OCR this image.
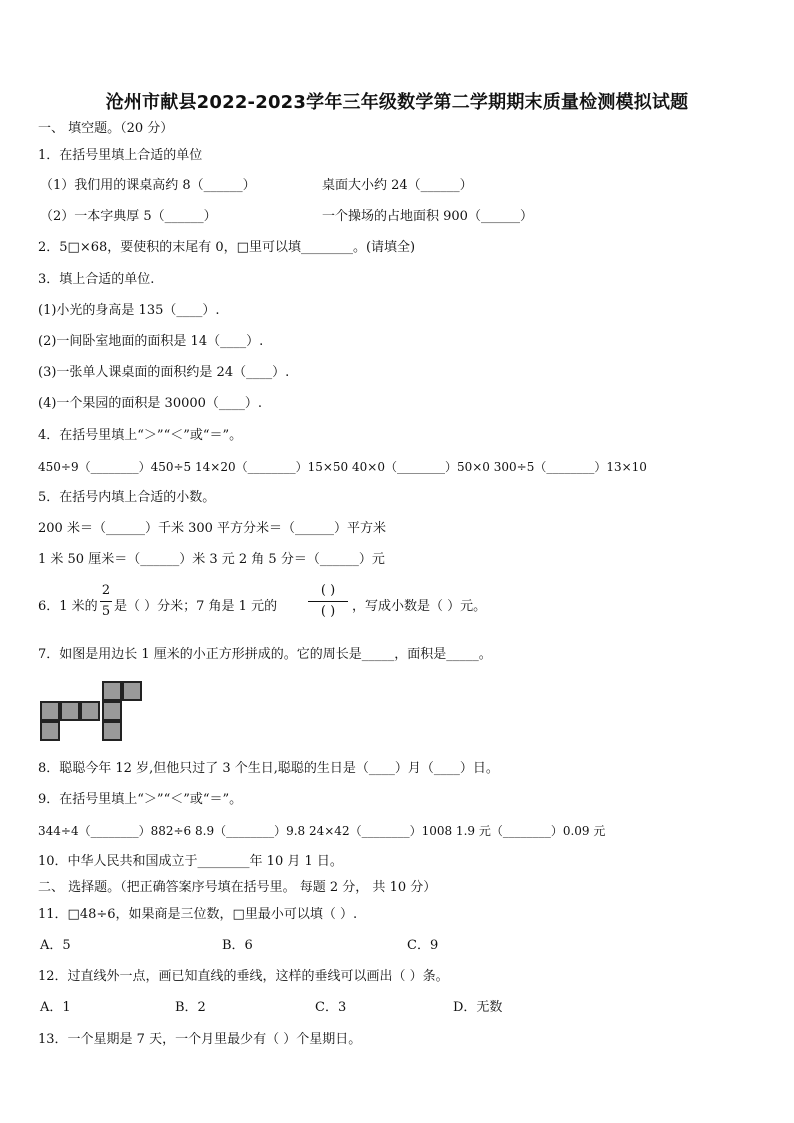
沧州市献县2022-2023学年三年级数学第二学期期末质量检测模拟试题
一、 填空题。（20 分）
1．在括号里填上合适的单位
（1）我们用的课桌高约 8（______）	桌面大小约 24（______）
（2）一本字典厚 5（______）	一个操场的占地面积 900（______）
2．5□×68，要使积的末尾有 0，□里可以填________。(请填全)
3．填上合适的单位.
(1)小光的身高是 135（____）.
(2)一间卧室地面的面积是 14（____）.
(3)一张单人课桌面的面积约是 24（____）.
(4)一个果园的面积是 30000（____）.
4．在括号里填上“＞”“＜”或“＝”。
450÷9（________）450÷5 14×20（________）15×50 40×0（________）50×0 300÷5（________）13×10
5．在括号内填上合适的小数。
200 米＝（______）千米 300 平方分米＝（______）平方米
1 米 50 厘米＝（______）米 3 元 2 角 5 分＝（______）元
6．1 米的
2
5 是（ ）分米；7 角是 1 元的
( )
( ) ，写成小数是（ ）元。
7．如图是用边长 1 厘米的小正方形拼成的。它的周长是_____，面积是_____。
8．聪聪今年 12 岁,但他只过了 3 个生日,聪聪的生日是（____）月（____）日。
9．在括号里填上“＞”“＜”或“＝”。
344÷4（________）882÷6 8.9（________）9.8 24×42（________）1008 1.9 元（________）0.09 元
10．中华人民共和国成立于________年 10 月 1 日。
二、 选择题。（把正确答案序号填在括号里。 每题 2 分， 共 10 分）
11．□48÷6，如果商是三位数，□里最小可以填（ ）.
A．5	B．6	C．9
12．过直线外一点，画已知直线的垂线，这样的垂线可以画出（ ）条。
A．1	B．2	C．3	D．无数
13．一个星期是 7 天，一个月里最少有（ ）个星期日。
